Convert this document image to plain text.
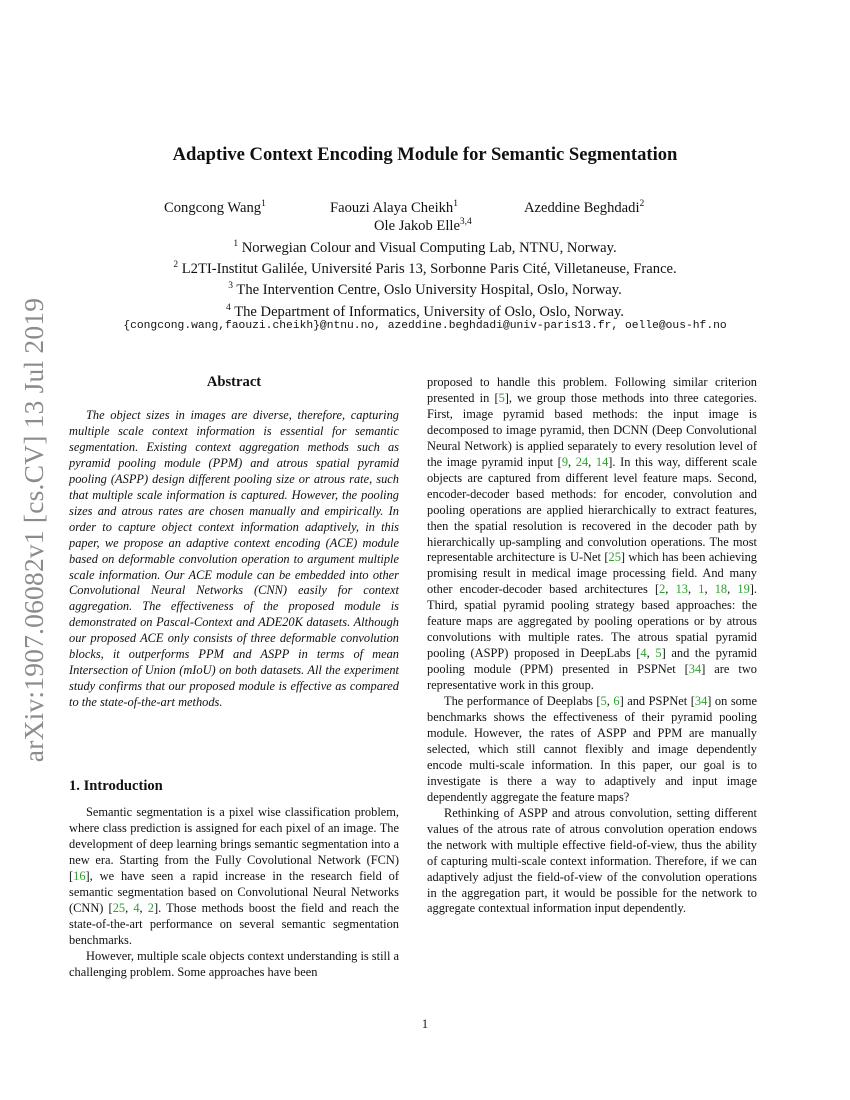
arXiv:1907.06082v1 [cs.CV] 13 Jul 2019
Adaptive Context Encoding Module for Semantic Segmentation
Congcong Wang$^1$	Faouzi Alaya Cheikh$^1$	Azeddine Beghdadi$^2$
Ole Jakob Elle$^{3,4}$
$^1$ Norwegian Colour and Visual Computing Lab, NTNU, Norway.
$^2$ L2TI-Institut Galilée, Université Paris 13, Sorbonne Paris Cité, Villetaneuse, France.
$^3$ The Intervention Centre, Oslo University Hospital, Oslo, Norway.
$^4$ The Department of Informatics, University of Oslo, Oslo, Norway.
{congcong.wang,faouzi.cheikh}@ntnu.no, azeddine.beghdadi@univ-paris13.fr, oelle@ous-hf.no
Abstract

The object sizes in images are diverse, therefore, capturing multiple scale context information is essential for semantic segmentation. Existing context aggregation methods such as pyramid pooling module (PPM) and atrous spatial pyramid pooling (ASPP) design different pooling size or atrous rate, such that multiple scale information is captured. However, the pooling sizes and atrous rates are chosen manually and empirically. In order to capture object context information adaptively, in this paper, we propose an adaptive context encoding (ACE) module based on deformable convolution operation to argument multiple scale information. Our ACE module can be embedded into other Convolutional Neural Networks (CNN) easily for context aggregation. The effectiveness of the proposed module is demonstrated on Pascal-Context and ADE20K datasets. Although our proposed ACE only consists of three deformable convolution blocks, it outperforms PPM and ASPP in terms of mean Intersection of Union (mIoU) on both datasets. All the experiment study confirms that our proposed module is effective as compared to the state-of-the-art methods.

1. Introduction

Semantic segmentation is a pixel wise classification problem, where class prediction is assigned for each pixel of an image. The development of deep learning brings semantic segmentation into a new era. Starting from the Fully Covolutional Network (FCN) [16], we have seen a rapid increase in the research field of semantic segmentation based on Convolutional Neural Networks (CNN) [25, 4, 2]. Those methods boost the field and reach the state-of-the-art performance on several semantic segmentation benchmarks.

However, multiple scale objects context understanding is still a challenging problem. Some approaches have been

proposed to handle this problem. Following similar criterion presented in [5], we group those methods into three categories. First, image pyramid based methods: the input image is decomposed to image pyramid, then DCNN (Deep Convolutional Neural Network) is applied separately to every resolution level of the image pyramid input [9, 24, 14]. In this way, different scale objects are captured from different level feature maps. Second, encoder-decoder based methods: for encoder, convolution and pooling operations are applied hierarchically to extract features, then the spatial resolution is recovered in the decoder path by hierarchically up-sampling and convolution operations. The most representable architecture is U-Net [25] which has been achieving promising result in medical image processing field. And many other encoder-decoder based architectures [2, 13, 1, 18, 19]. Third, spatial pyramid pooling strategy based approaches: the feature maps are aggregated by pooling operations or by atrous convolutions with multiple rates. The atrous spatial pyramid pooling (ASPP) proposed in DeepLabs [4, 5] and the pyramid pooling module (PPM) presented in PSPNet [34] are two representative work in this group.

The performance of Deeplabs [5, 6] and PSPNet [34] on some benchmarks shows the effectiveness of their pyramid pooling module. However, the rates of ASPP and PPM are manually selected, which still cannot flexibly and image dependently encode multi-scale information. In this paper, our goal is to investigate is there a way to adaptively and input image dependently aggregate the feature maps?

Rethinking of ASPP and atrous convolution, setting different values of the atrous rate of atrous convolution operation endows the network with multiple effective field-of-view, thus the ability of capturing multi-scale context information. Therefore, if we can adaptively adjust the field-of-view of the convolution operations in the aggregation part, it would be possible for the network to aggregate contextual information input dependently.

1
